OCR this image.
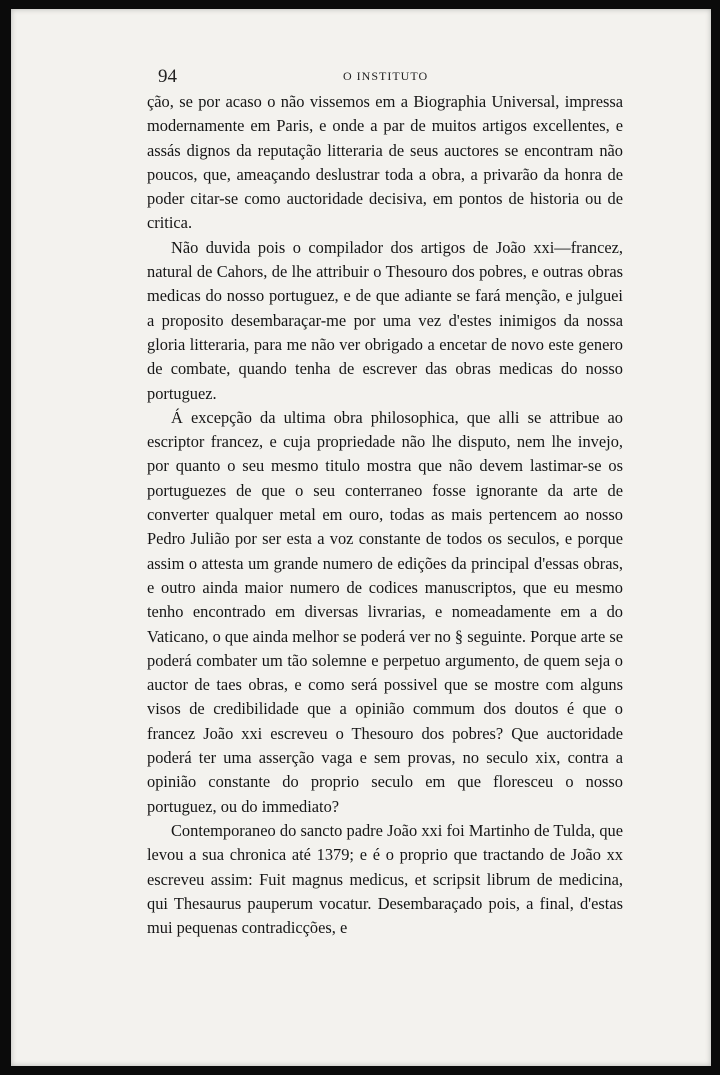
94	O INSTITUTO

ção, se por acaso o não vissemos em a Biographia Universal, impressa modernamente em Paris, e onde a par de muitos artigos excellentes, e assás dignos da reputação litteraria de seus auctores se encontram não poucos, que, ameaçando deslustrar toda a obra, a privarão da honra de poder citar-se como auctoridade decisiva, em pontos de historia ou de critica.

Não duvida pois o compilador dos artigos de João xxi—francez, natural de Cahors, de lhe attribuir o Thesouro dos pobres, e outras obras medicas do nosso portuguez, e de que adiante se fará menção, e julguei a proposito desembaraçar-me por uma vez d'estes inimigos da nossa gloria litteraria, para me não ver obrigado a encetar de novo este genero de combate, quando tenha de escrever das obras medicas do nosso portuguez.

Á excepção da ultima obra philosophica, que alli se attribue ao escriptor francez, e cuja propriedade não lhe disputo, nem lhe invejo, por quanto o seu mesmo titulo mostra que não devem lastimar-se os portuguezes de que o seu conterraneo fosse ignorante da arte de converter qualquer metal em ouro, todas as mais pertencem ao nosso Pedro Julião por ser esta a voz constante de todos os seculos, e porque assim o attesta um grande numero de edições da principal d'essas obras, e outro ainda maior numero de codices manuscriptos, que eu mesmo tenho encontrado em diversas livrarias, e nomeadamente em a do Vaticano, o que ainda melhor se poderá ver no § seguinte. Porque arte se poderá combater um tão solemne e perpetuo argumento, de quem seja o auctor de taes obras, e como será possivel que se mostre com alguns visos de credibilidade que a opinião commum dos doutos é que o francez João xxi escreveu o Thesouro dos pobres? Que auctoridade poderá ter uma asserção vaga e sem provas, no seculo xix, contra a opinião constante do proprio seculo em que floresceu o nosso portuguez, ou do immediato?

Contemporaneo do sancto padre João xxi foi Martinho de Tulda, que levou a sua chronica até 1379; e é o proprio que tractando de João xx escreveu assim: Fuit magnus medicus, et scripsit librum de medicina, qui Thesaurus pauperum vocatur. Desembaraçado pois, a final, d'estas mui pequenas contradicções, e
